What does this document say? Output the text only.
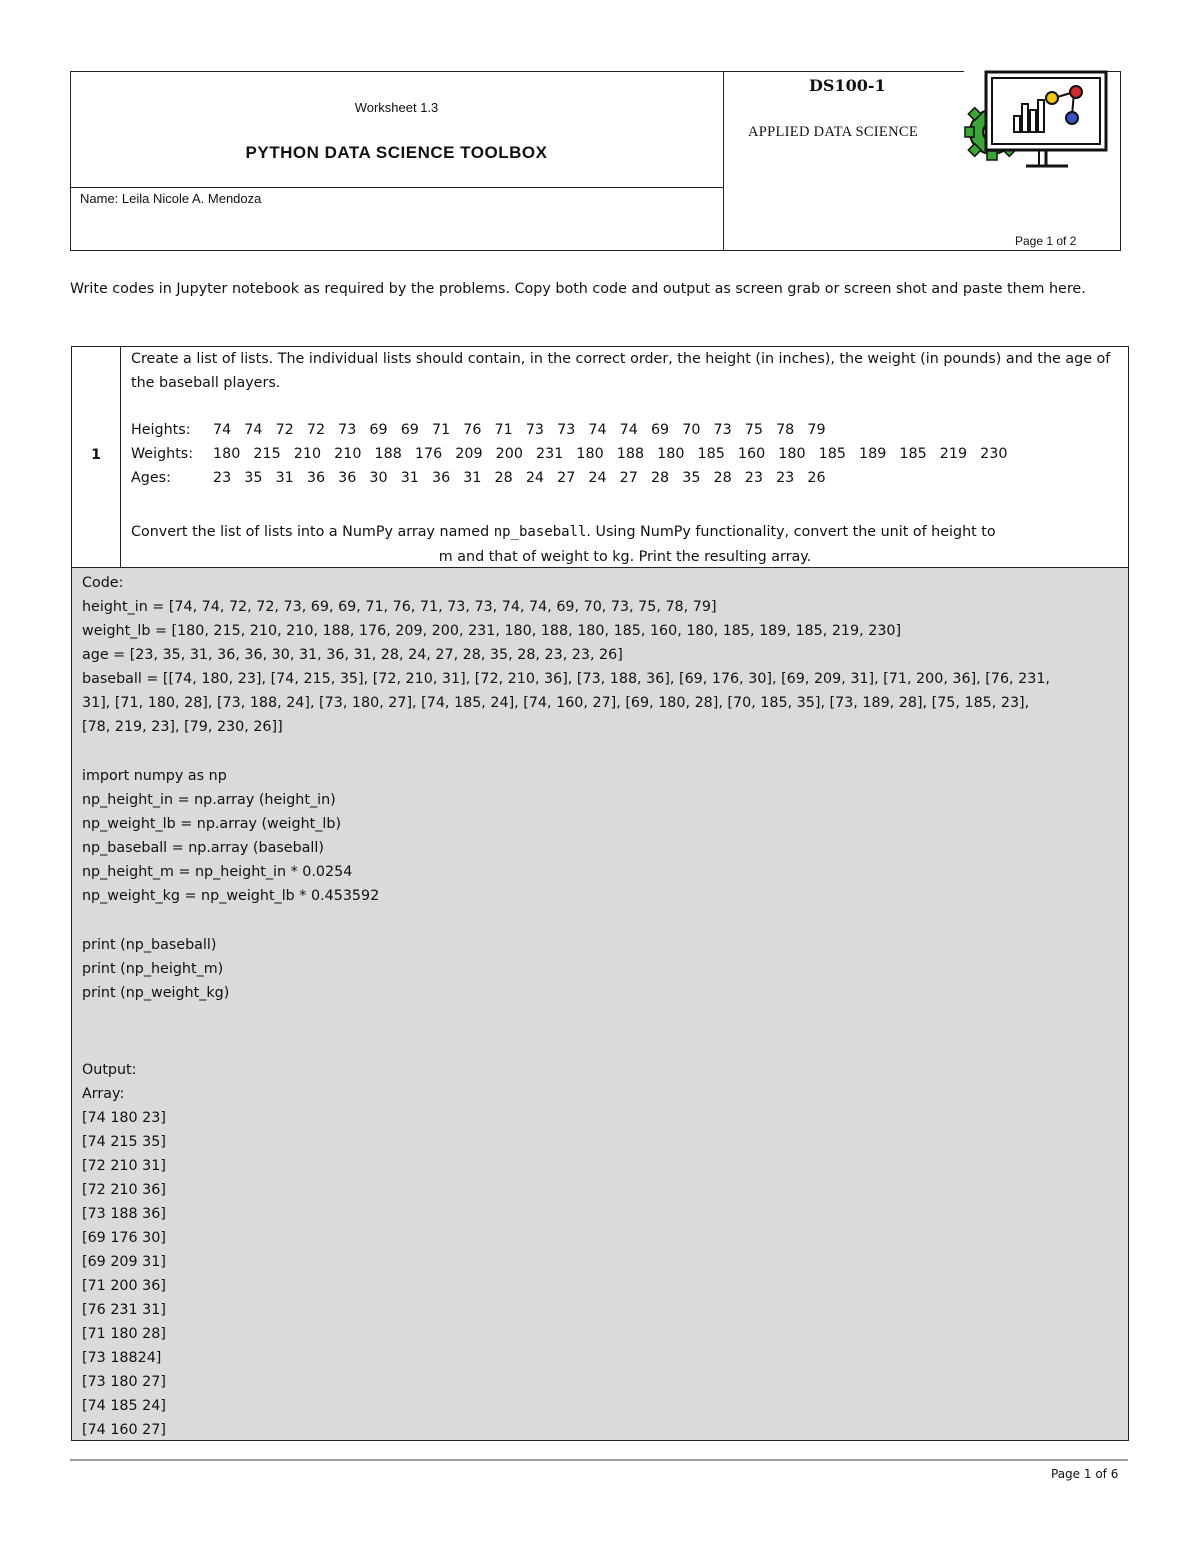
Worksheet 1.3
PYTHON DATA SCIENCE TOOLBOX
Name: Leila Nicole A. Mendoza
DS100-1
APPLIED DATA SCIENCE
Page 1 of 2
Write codes in Jupyter notebook as required by the problems. Copy both code and output as screen grab or screen shot and paste them here.
1
Create a list of lists. The individual lists should contain, in the correct order, the height (in inches), the weight (in pounds) and the age of the baseball players.
Heights: 74  74  72  72  73  69  69  71  76  71  73  73  74  74  69  70  73  75  78  79
Weights: 180  215  210  210  188  176  209  200  231  180  188  180  185  160  180  185  189  185  219  230
Ages:	23  35  31  36  36  30  31  36  31  28  24  27  24  27  28  35  28  23  23  26
Convert the list of lists into a NumPy array named np_baseball. Using NumPy functionality, convert the unit of height to
m and that of weight to kg. Print the resulting array.
Code:
height_in = [74, 74, 72, 72, 73, 69, 69, 71, 76, 71, 73, 73, 74, 74, 69, 70, 73, 75, 78, 79]
weight_lb = [180, 215, 210, 210, 188, 176, 209, 200, 231, 180, 188, 180, 185, 160, 180, 185, 189, 185, 219, 230]
age = [23, 35, 31, 36, 36, 30, 31, 36, 31, 28, 24, 27, 28, 35, 28, 23, 23, 26]
baseball = [[74, 180, 23], [74, 215, 35], [72, 210, 31], [72, 210, 36], [73, 188, 36], [69, 176, 30], [69, 209, 31], [71, 200, 36], [76, 231,
31], [71, 180, 28], [73, 188, 24], [73, 180, 27], [74, 185, 24], [74, 160, 27], [69, 180, 28], [70, 185, 35], [73, 189, 28], [75, 185, 23],
[78, 219, 23], [79, 230, 26]]
import numpy as np
np_height_in = np.array (height_in)
np_weight_lb = np.array (weight_lb)
np_baseball = np.array (baseball)
np_height_m = np_height_in * 0.0254
np_weight_kg = np_weight_lb * 0.453592
print (np_baseball)
print (np_height_m)
print (np_weight_kg)
Output:
Array:
[74 180 23]
[74 215 35]
[72 210 31]
[72 210 36]
[73 188 36]
[69 176 30]
[69 209 31]
[71 200 36]
[76 231 31]
[71 180 28]
[73 18824]
[73 180 27]
[74 185 24]
[74 160 27]
Page 1 of 6
